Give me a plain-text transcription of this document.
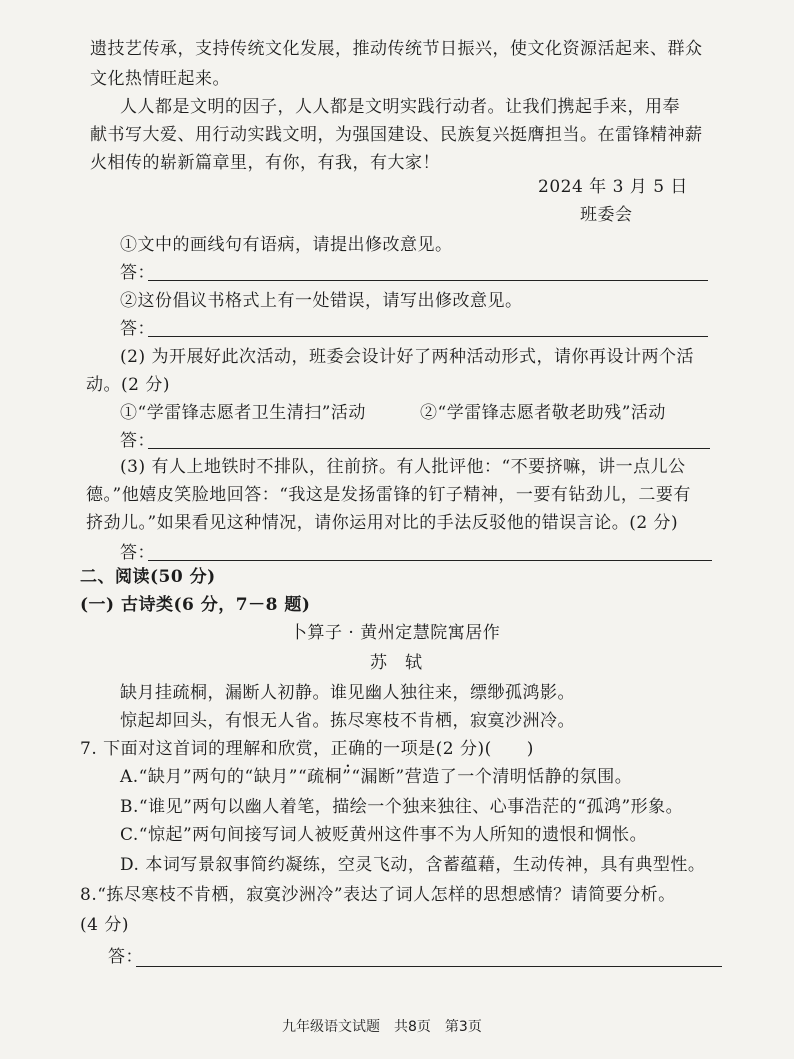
遗技艺传承，支持传统文化发展，推动传统节日振兴，使文化资源活起来、群众
文化热情旺起来。
人人都是文明的因子，人人都是文明实践行动者。让我们携起手来，用奉
献书写大爱、用行动实践文明，为强国建设、民族复兴挺膺担当。在雷锋精神薪
火相传的崭新篇章里，有你，有我，有大家！
2024 年 3 月 5 日
班委会
①文中的画线句有语病，请提出修改意见。
答：
②这份倡议书格式上有一处错误，请写出修改意见。
答：
(2) 为开展好此次活动，班委会设计好了两种活动形式，请你再设计两个活
动。(2 分)
①“学雷锋志愿者卫生清扫”活动	②“学雷锋志愿者敬老助残”活动
答：
(3) 有人上地铁时不排队，往前挤。有人批评他：“不要挤嘛，讲一点儿公
德。”他嬉皮笑脸地回答：“我这是发扬雷锋的钉子精神，一要有钻劲儿，二要有
挤劲儿。”如果看见这种情况，请你运用对比的手法反驳他的错误言论。(2 分)
答：
二、阅读(50 分)
(一) 古诗类(6 分，7－8 题)
卜算子 · 黄州定慧院寓居作
苏　轼
缺月挂疏桐，漏断人初静。谁见幽人独往来，缥缈孤鸿影。
惊起却回头，有恨无人省。拣尽寒枝不肯栖，寂寞沙洲冷。
7. 下面对这首词的理解和欣赏，正确的一项是(2 分)(　　)
A.“缺月”两句的“缺月”“疏桐”“漏断”营造了一个清明恬静的氛围。
B.“谁见”两句以幽人着笔，描绘一个独来独往、心事浩茫的“孤鸿”形象。
C.“惊起”两句间接写词人被贬黄州这件事不为人所知的遗恨和惆怅。
D. 本词写景叙事简约凝练，空灵飞动，含蓄蕴藉，生动传神，具有典型性。
8.“拣尽寒枝不肯栖，寂寞沙洲冷”表达了词人怎样的思想感情？请简要分析。
(4 分)
答：
九年级语文试题　共8页　第3页
